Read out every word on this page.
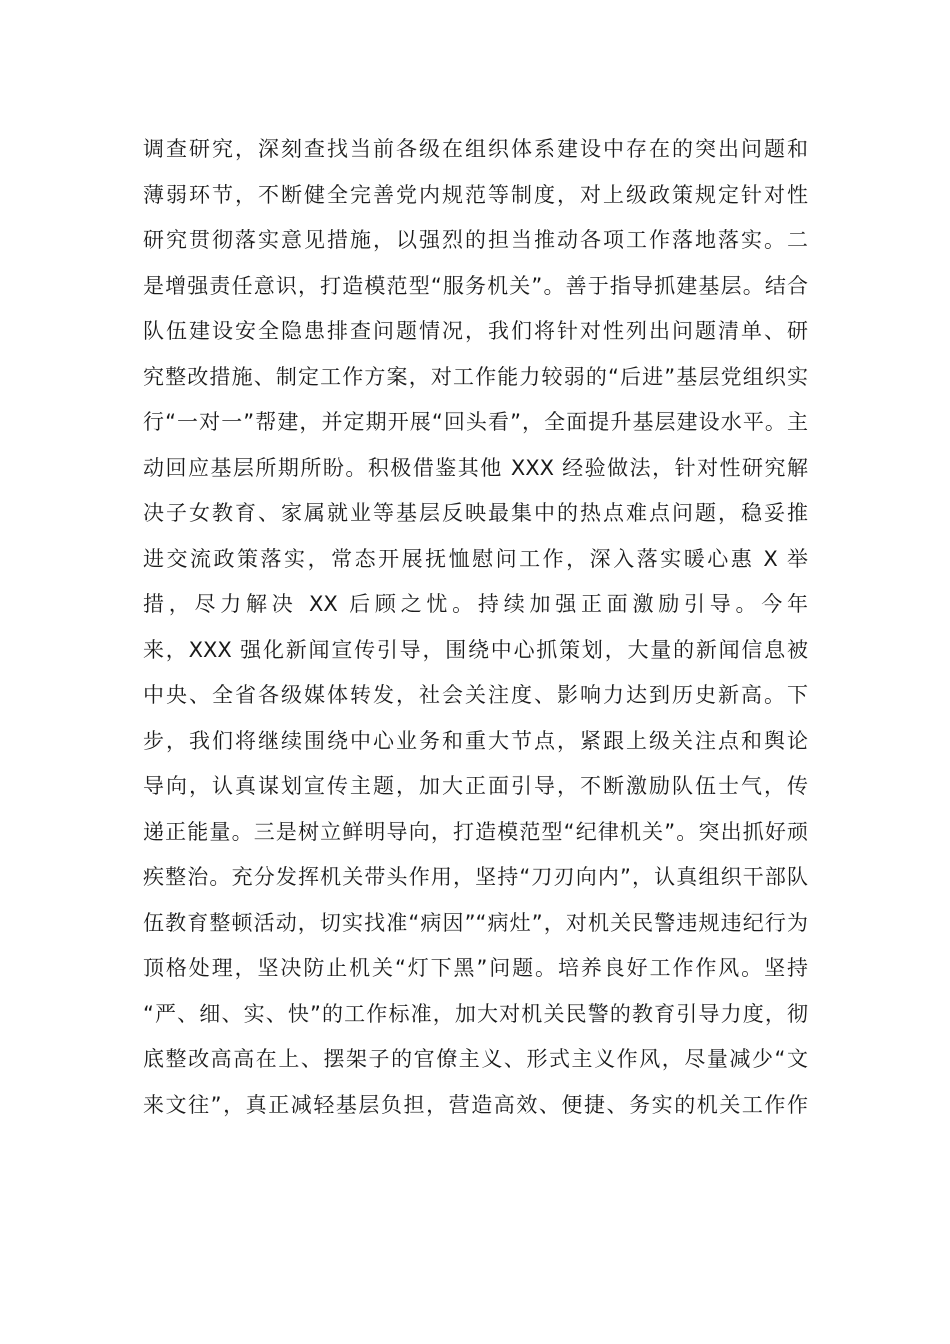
调查研究，深刻查找当前各级在组织体系建设中存在的突出问题和
薄弱环节，不断健全完善党内规范等制度，对上级政策规定针对性
研究贯彻落实意见措施，以强烈的担当推动各项工作落地落实。二
是增强责任意识，打造模范型“服务机关”。善于指导抓建基层。结合
队伍建设安全隐患排查问题情况，我们将针对性列出问题清单、研
究整改措施、制定工作方案，对工作能力较弱的“后进”基层党组织实
行“一对一”帮建，并定期开展“回头看”，全面提升基层建设水平。主
动回应基层所期所盼。积极借鉴其他 XXX 经验做法，针对性研究解
决子女教育、家属就业等基层反映最集中的热点难点问题，稳妥推
进交流政策落实，常态开展抚恤慰问工作，深入落实暖心惠 X 举
措，尽力解决 XX 后顾之忧。持续加强正面激励引导。今年
来，XXX 强化新闻宣传引导，围绕中心抓策划，大量的新闻信息被
中央、全省各级媒体转发，社会关注度、影响力达到历史新高。下
步，我们将继续围绕中心业务和重大节点，紧跟上级关注点和舆论
导向，认真谋划宣传主题，加大正面引导，不断激励队伍士气，传
递正能量。三是树立鲜明导向，打造模范型“纪律机关”。突出抓好顽
疾整治。充分发挥机关带头作用，坚持“刀刃向内”，认真组织干部队
伍教育整顿活动，切实找准“病因”“病灶”，对机关民警违规违纪行为
顶格处理，坚决防止机关“灯下黑”问题。培养良好工作作风。坚持
“严、细、实、快”的工作标准，加大对机关民警的教育引导力度，彻
底整改高高在上、摆架子的官僚主义、形式主义作风，尽量减少“文
来文往”，真正减轻基层负担，营造高效、便捷、务实的机关工作作
